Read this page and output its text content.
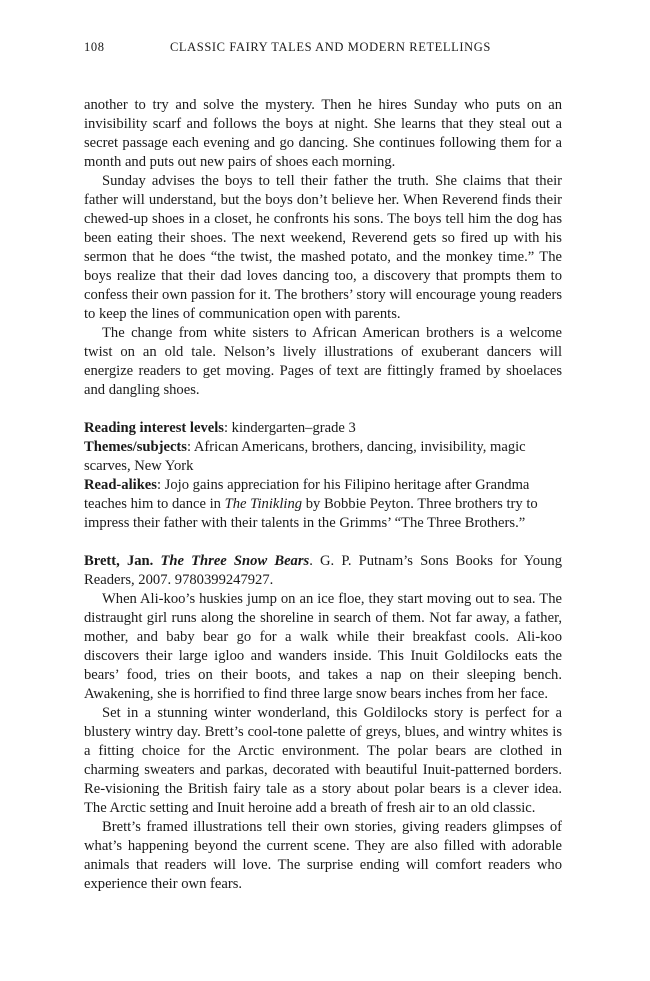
108	CLASSIC FAIRY TALES AND MODERN RETELLINGS

another to try and solve the mystery. Then he hires Sunday who puts on an invisibility scarf and follows the boys at night. She learns that they steal out a secret passage each evening and go dancing. She continues following them for a month and puts out new pairs of shoes each morning.

Sunday advises the boys to tell their father the truth. She claims that their father will understand, but the boys don’t believe her. When Reverend finds their chewed-up shoes in a closet, he confronts his sons. The boys tell him the dog has been eating their shoes. The next weekend, Reverend gets so fired up with his sermon that he does “the twist, the mashed potato, and the monkey time.” The boys realize that their dad loves dancing too, a discovery that prompts them to confess their own passion for it. The brothers’ story will encourage young readers to keep the lines of communication open with parents.

The change from white sisters to African American brothers is a welcome twist on an old tale. Nelson’s lively illustrations of exuberant dancers will energize readers to get moving. Pages of text are fittingly framed by shoelaces and dangling shoes.

Reading interest levels: kindergarten–grade 3

Themes/subjects: African Americans, brothers, dancing, invisibility, magic scarves, New York

Read-alikes: Jojo gains appreciation for his Filipino heritage after Grandma teaches him to dance in The Tinikling by Bobbie Peyton. Three brothers try to impress their father with their talents in the Grimms’ “The Three Brothers.”

Brett, Jan. The Three Snow Bears. G. P. Putnam’s Sons Books for Young Readers, 2007. 9780399247927.

When Ali-koo’s huskies jump on an ice floe, they start moving out to sea. The distraught girl runs along the shoreline in search of them. Not far away, a father, mother, and baby bear go for a walk while their breakfast cools. Ali-koo discovers their large igloo and wanders inside. This Inuit Goldilocks eats the bears’ food, tries on their boots, and takes a nap on their sleeping bench. Awakening, she is horrified to find three large snow bears inches from her face.

Set in a stunning winter wonderland, this Goldilocks story is perfect for a blustery wintry day. Brett’s cool-tone palette of greys, blues, and wintry whites is a fitting choice for the Arctic environment. The polar bears are clothed in charming sweaters and parkas, decorated with beautiful Inuit-patterned borders. Re-visioning the British fairy tale as a story about polar bears is a clever idea. The Arctic setting and Inuit heroine add a breath of fresh air to an old classic.

Brett’s framed illustrations tell their own stories, giving readers glimpses of what’s happening beyond the current scene. They are also filled with adorable animals that readers will love. The surprise ending will comfort readers who experience their own fears.
